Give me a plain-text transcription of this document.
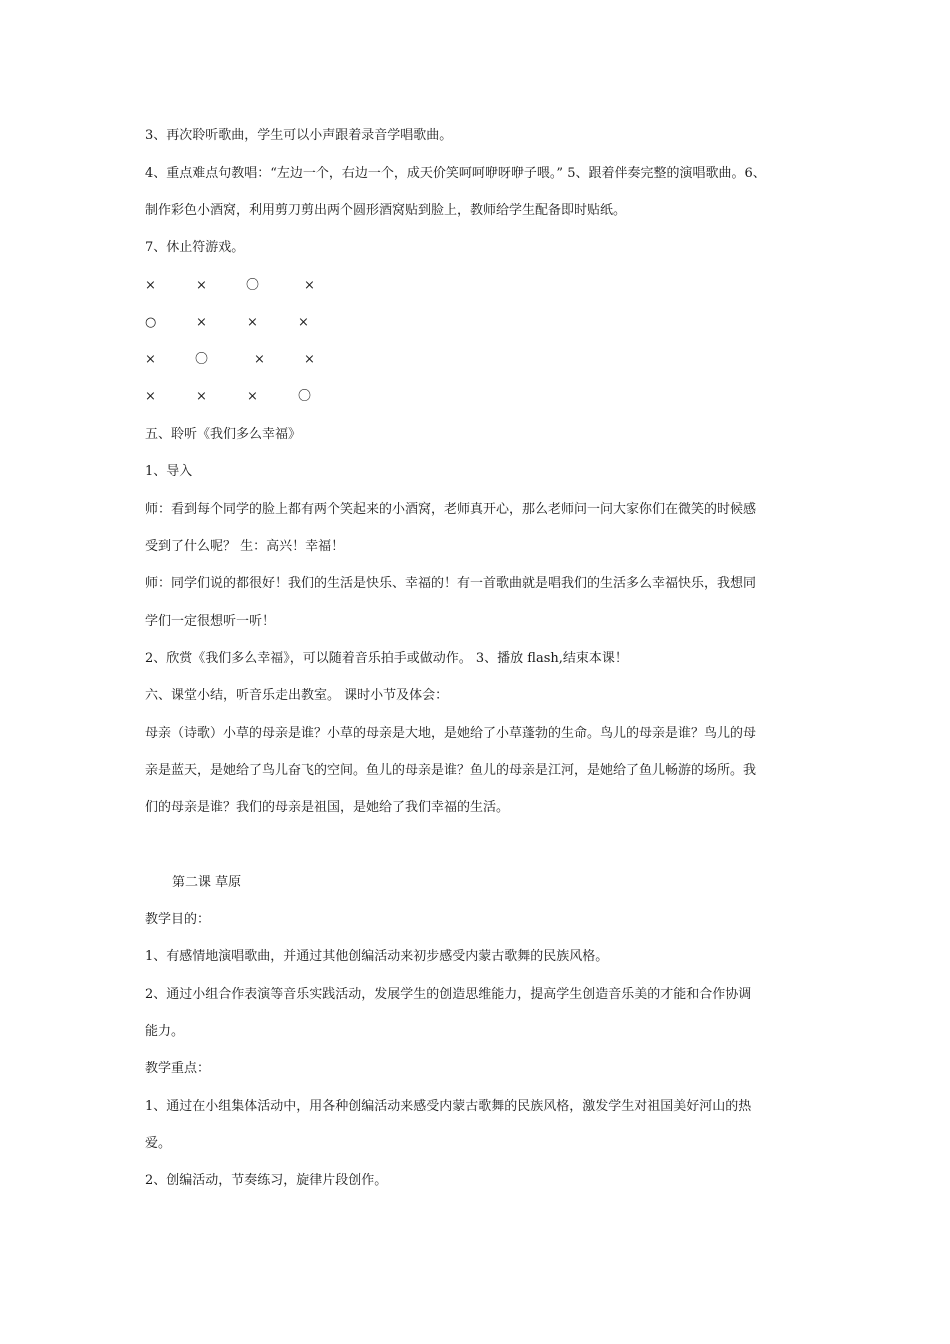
3、再次聆听歌曲，学生可以小声跟着录音学唱歌曲。
4、重点难点句教唱：“左边一个，右边一个，成天价笑呵呵咿呀咿子喂。” 5、跟着伴奏完整的演唱歌曲。6、
制作彩色小酒窝，利用剪刀剪出两个圆形酒窝贴到脸上，教师给学生配备即时贴纸。
7、休止符游戏。
×	×	〇	×
○	×	×	×
×	〇	×	×
×	×	×	〇
五、聆听《我们多么幸福》
1、导入
师：看到每个同学的脸上都有两个笑起来的小酒窝，老师真开心，那么老师问一问大家你们在微笑的时候感
受到了什么呢？ 生：高兴！幸福！
师：同学们说的都很好！我们的生活是快乐、幸福的！有一首歌曲就是唱我们的生活多么幸福快乐，我想同
学们一定很想听一听！
2、欣赏《我们多么幸福》，可以随着音乐拍手或做动作。 3、播放 flash,结束本课！
六、课堂小结，听音乐走出教室。 课时小节及体会：
母亲（诗歌）小草的母亲是谁？小草的母亲是大地，是她给了小草蓬勃的生命。鸟儿的母亲是谁？鸟儿的母
亲是蓝天，是她给了鸟儿奋飞的空间。鱼儿的母亲是谁？鱼儿的母亲是江河，是她给了鱼儿畅游的场所。我
们的母亲是谁？我们的母亲是祖国，是她给了我们幸福的生活。
第二课 草原
教学目的：
1、有感情地演唱歌曲，并通过其他创编活动来初步感受内蒙古歌舞的民族风格。
2、通过小组合作表演等音乐实践活动，发展学生的创造思维能力，提高学生创造音乐美的才能和合作协调
能力。
教学重点：
1、通过在小组集体活动中，用各种创编活动来感受内蒙古歌舞的民族风格，激发学生对祖国美好河山的热
爱。
2、创编活动，节奏练习，旋律片段创作。
